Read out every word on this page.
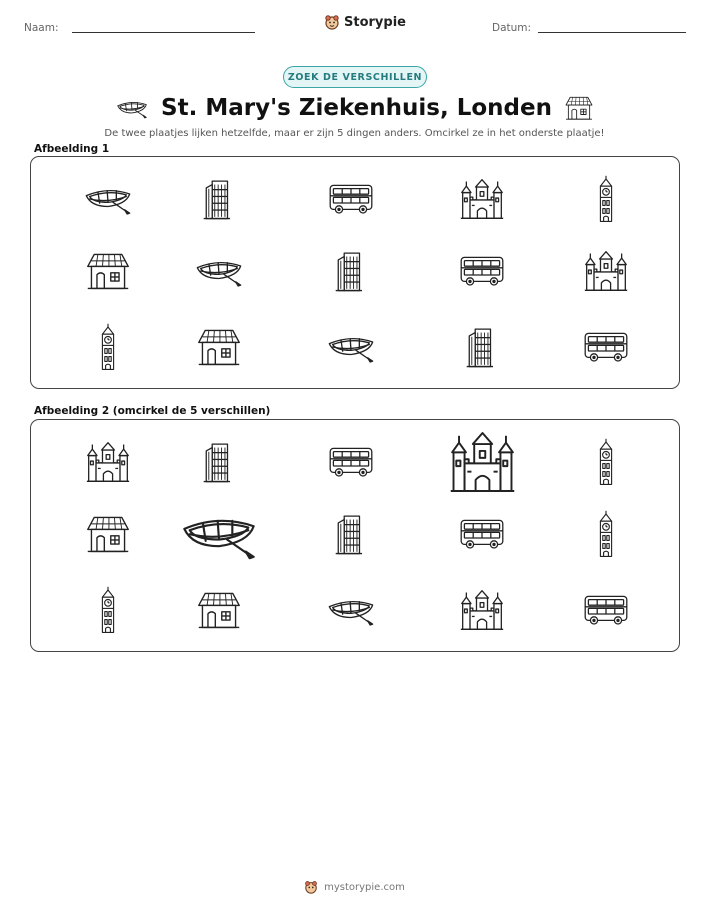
Naam:	Storypie	Datum:
ZOEK DE VERSCHILLEN
St. Mary's Ziekenhuis, Londen
De twee plaatjes lijken hetzelfde, maar er zijn 5 dingen anders. Omcirkel ze in het onderste plaatje!
Afbeelding 1
Afbeelding 2 (omcirkel de 5 verschillen)
mystorypie.com
